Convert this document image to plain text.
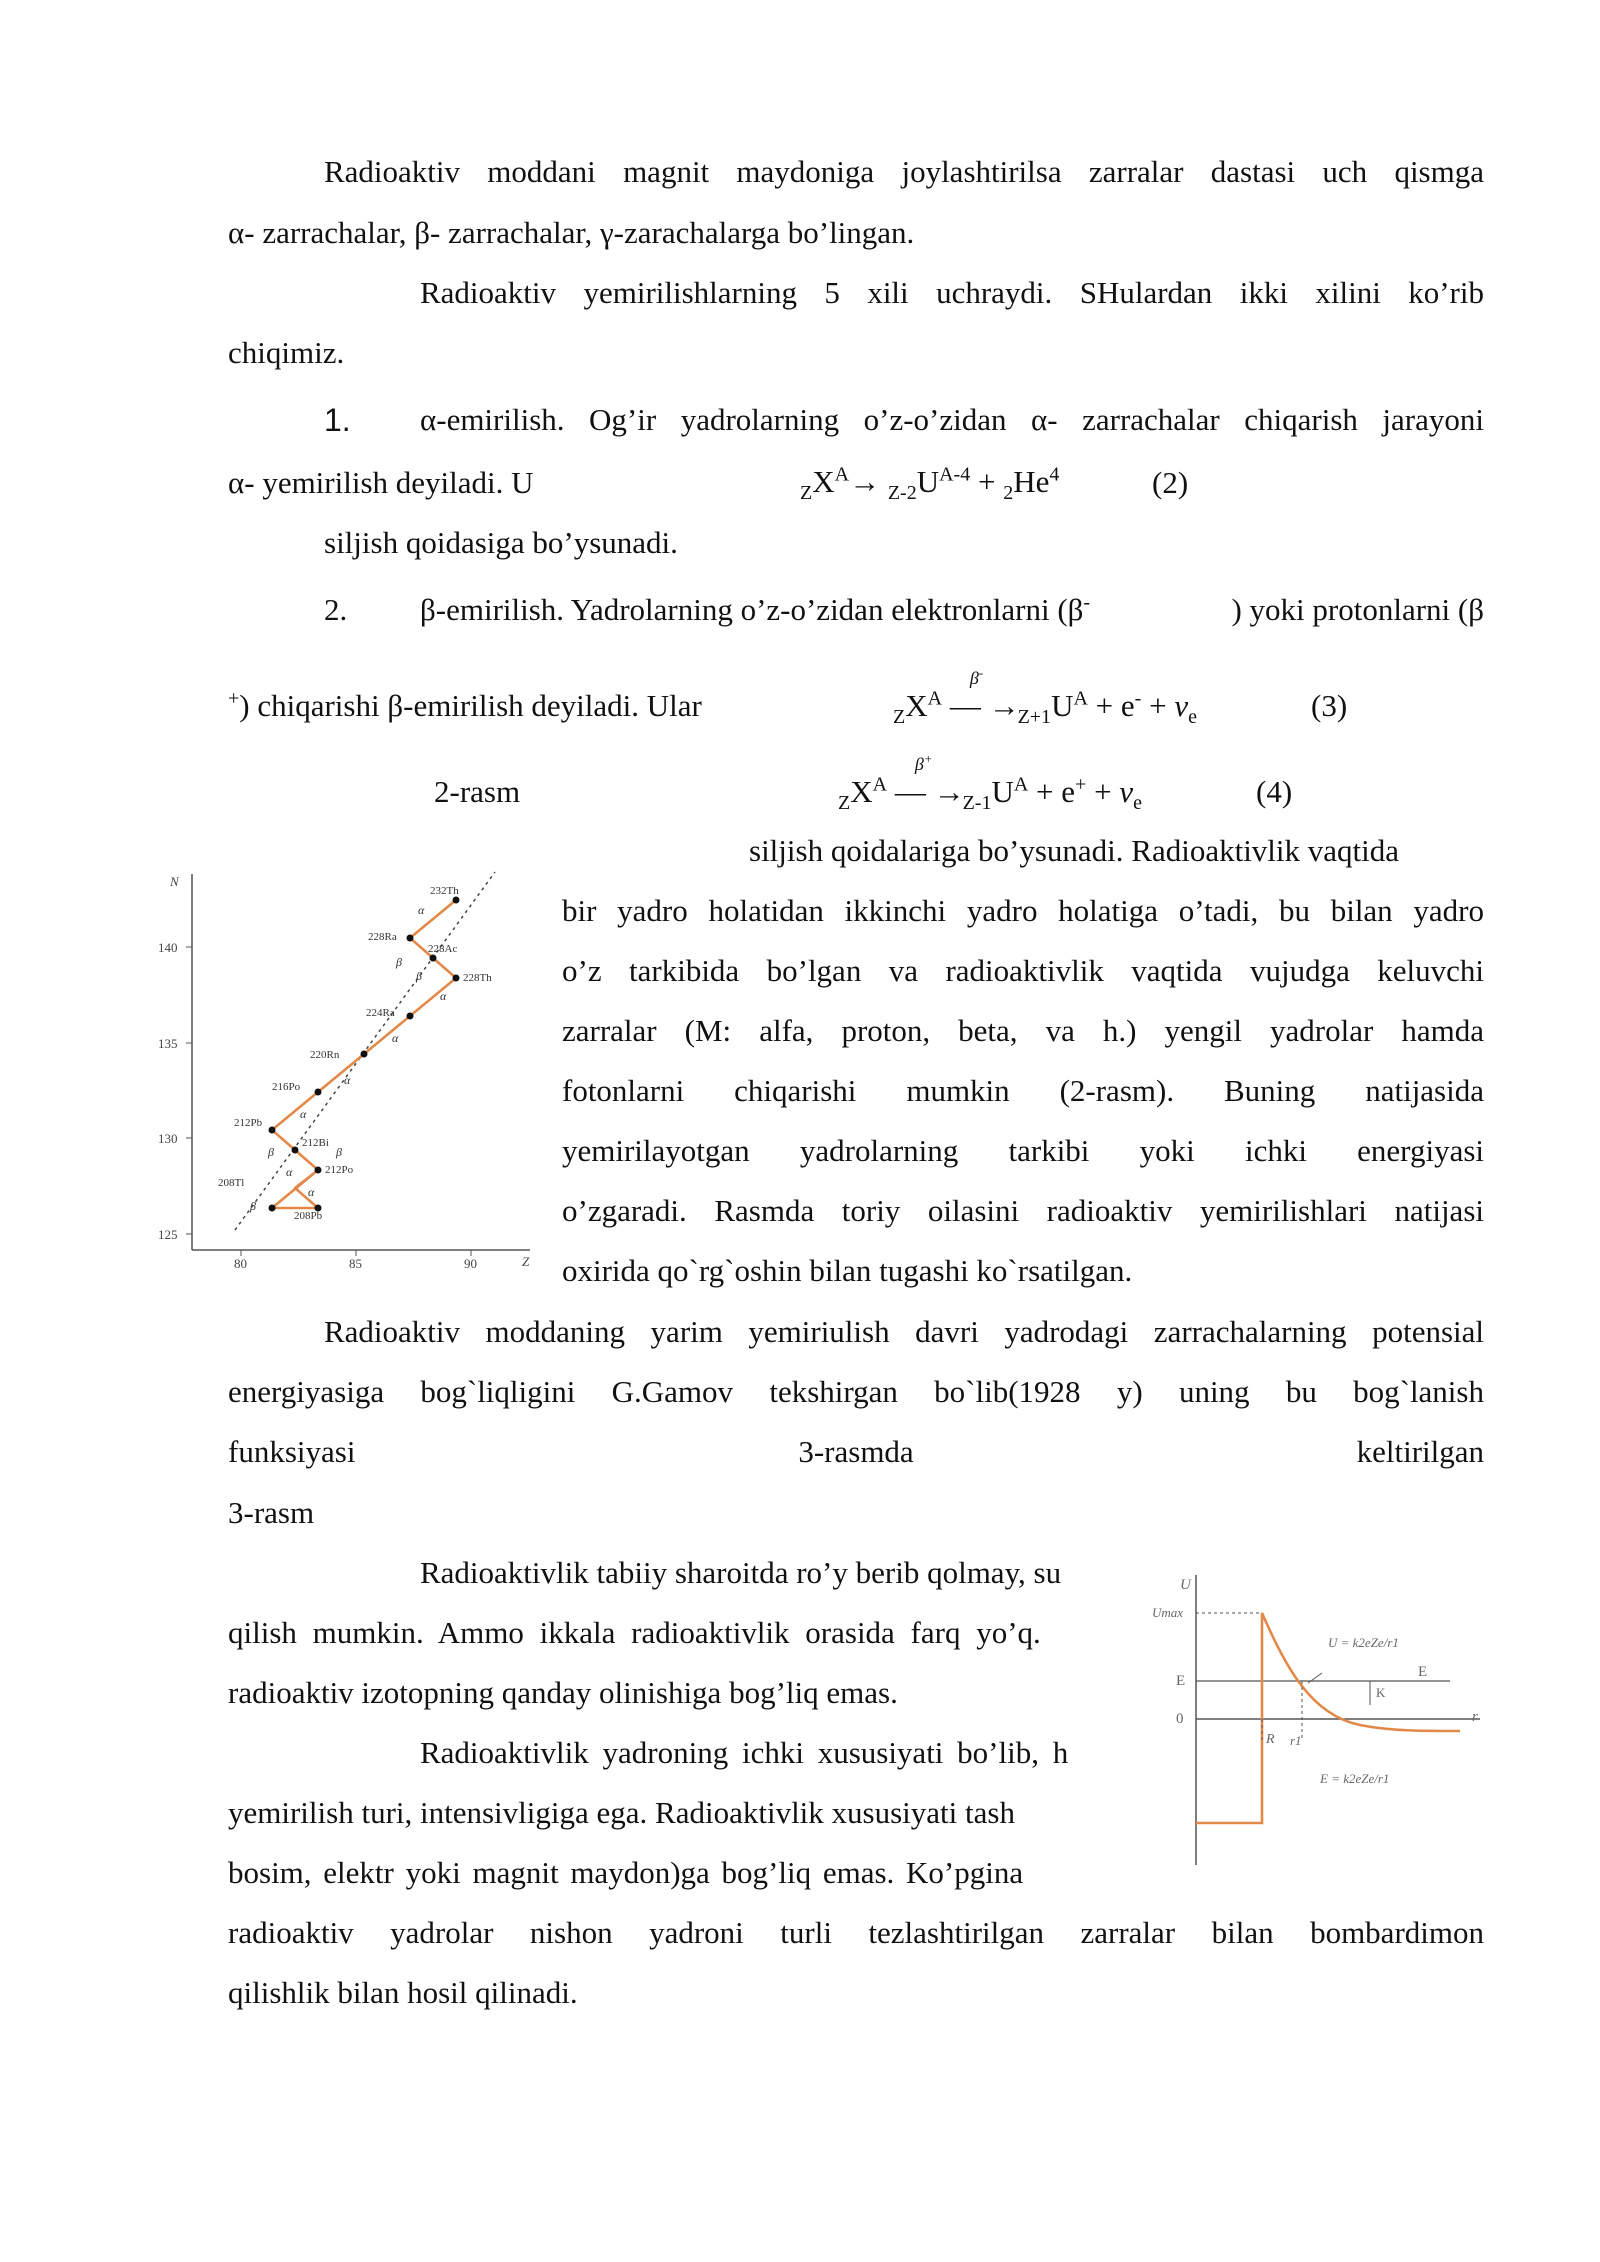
Radioaktiv moddani magnit maydoniga joylashtirilsa zarralar dastasi uch qismga
α- zarrachalar, β- zarrachalar, γ-zarachalarga bo’lingan.
Radioaktiv yemirilishlarning 5 xili uchraydi. SHulardan ikki xilini ko’rib
chiqimiz.
1. α-emirilish. Og’ir yadrolarning o’z-o’zidan α- zarrachalar chiqarish jarayoni
α- yemirilish deyiladi. U	$_ZX^A\to _{Z-2}U^{A-4} + _2He^4$	(2)
siljish qoidasiga bo’ysunadi.
2. β-emirilish. Yadrolarning o’z-o’zidan elektronlarni (β-	) yoki protonlarni (β
+) chiqarishi β-emirilish deyiladi. Ular	$_ZX^A$
β-
— → $_{Z+1}U^A + e^- + \nu_e$	(3)
2-rasm	$_ZX^A$
β+
— → $_{Z-1}U^A + e^+ + \nu_e$	(4)
siljish qoidalariga bo’ysunadi. Radioaktivlik vaqtida
bir yadro holatidan ikkinchi yadro holatiga o’tadi, bu bilan yadro
o’z tarkibida bo’lgan va radioaktivlik vaqtida vujudga keluvchi
zarralar (M: alfa, proton, beta, va h.) yengil yadrolar hamda
fotonlarni chiqarishi mumkin (2-rasm). Buning natijasida
yemirilayotgan yadrolarning tarkibi yoki ichki energiyasi
o’zgaradi. Rasmda toriy oilasini radioaktiv yemirilishlari natijasi
oxirida qo`rg`oshin bilan tugashi ko`rsatilgan.
N
Z
140
135
130
125
80	85	90
232Th
228Ra
228Ac
228Th
224Ra
220Rn
216Po
212Pb
212Bi
212Po
208Tl
208Pb
α
β
β
α
α
α
α
β
α
β
α
β
Radioaktiv moddaning yarim yemiriulish davri yadrodagi zarrachalarning potensial
energiyasiga bog`liqligini G.Gamov tekshirgan bo`lib(1928 y) uning bu bog`lanish
funksiyasi	3-rasmda	keltirilgan
3-rasm
Radioaktivlik tabiiy sharoitda ro’y berib qolmay, su
qilish mumkin. Ammo ikkala radioaktivlik orasida farq yo’q.
radioaktiv izotopning qanday olinishiga bog’liq emas.
Radioaktivlik yadroning ichki xususiyati bo’lib, h
yemirilish turi, intensivligiga ega. Radioaktivlik xususiyati tash
bosim, elektr yoki magnit maydon)ga bog’liq emas. Ko’pgina
radioaktiv yadrolar nishon yadroni turli tezlashtirilgan zarralar bilan bombardimon
qilishlik bilan hosil qilinadi.
U
Umax
E
0	r
E
R r1
K
U = k2eZe/r1
E = k2eZe/r1
